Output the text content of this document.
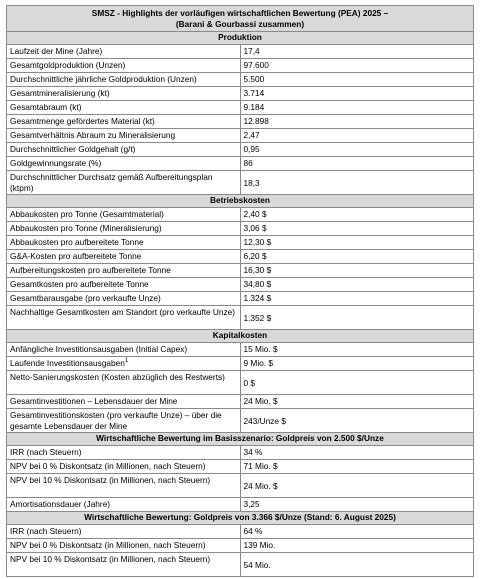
SMSZ - Highlights der vorläufigen wirtschaftlichen Bewertung (PEA) 2025 –
(Barani & Gourbassi zusammen)	

Produktion	
Laufzeit der Mine (Jahre)	17,4
Gesamtgoldproduktion (Unzen)	97.600
Durchschnittliche jährliche Goldproduktion (Unzen)	5.500
Gesamtmineralisierung (kt)	3.714
Gesamtabraum (kt)	9.184
Gesamtmenge gefördertes Material (kt)	12.898
Gesamtverhältnis Abraum zu Mineralisierung	2,47
Durchschnittlicher Goldgehalt (g/t)	0,95
Goldgewinnungsrate (%)	86
Durchschnittlicher Durchsatz gemäß Aufbereitungsplan (ktpm)	18,3
Betriebskosten	
Abbaukosten pro Tonne (Gesamtmaterial)	2,40 $
Abbaukosten pro Tonne (Mineralisierung)	3,06 $
Abbaukosten pro aufbereitete Tonne	12,30 $
G&A-Kosten pro aufbereitete Tonne	6,20 $
Aufbereitungskosten pro aufbereitete Tonne	16,30 $
Gesamtkosten pro aufbereitete Tonne	34,80 $
Gesamtbarausgabe (pro verkaufte Unze)	1.324 $
Nachhaltige Gesamtkosten am Standort (pro verkaufte Unze)	1.352 $
Kapitalkosten	
Anfängliche Investitionsausgaben (Initial Capex)	15 Mio. $
Laufende Investitionsausgaben$^1$	9 Mio. $
Netto-Sanierungskosten (Kosten abzüglich des Restwerts)	0 $
Gesamtinvestitionen – Lebensdauer der Mine	24 Mio. $
Gesamtinvestitionskosten (pro verkaufte Unze) – über die gesamte Lebensdauer der Mine	243/Unze $
Wirtschaftliche Bewertung im Basisszenario: Goldpreis von 2.500 $/Unze	
IRR (nach Steuern)	34 %
NPV bei 0 % Diskontsatz (in Millionen, nach Steuern)	71 Mio. $
NPV bei 10 % Diskontsatz (in Millionen, nach Steuern)	24 Mio. $
Amortisationsdauer (Jahre)	3,25
Wirtschaftliche Bewertung: Goldpreis von 3.366 $/Unze (Stand: 6. August 2025)	
IRR (nach Steuern)	64 %
NPV bei 0 % Diskontsatz (in Millionen, nach Steuern)	139 Mio.
NPV bei 10 % Diskontsatz (in Millionen, nach Steuern)	54 Mio.
